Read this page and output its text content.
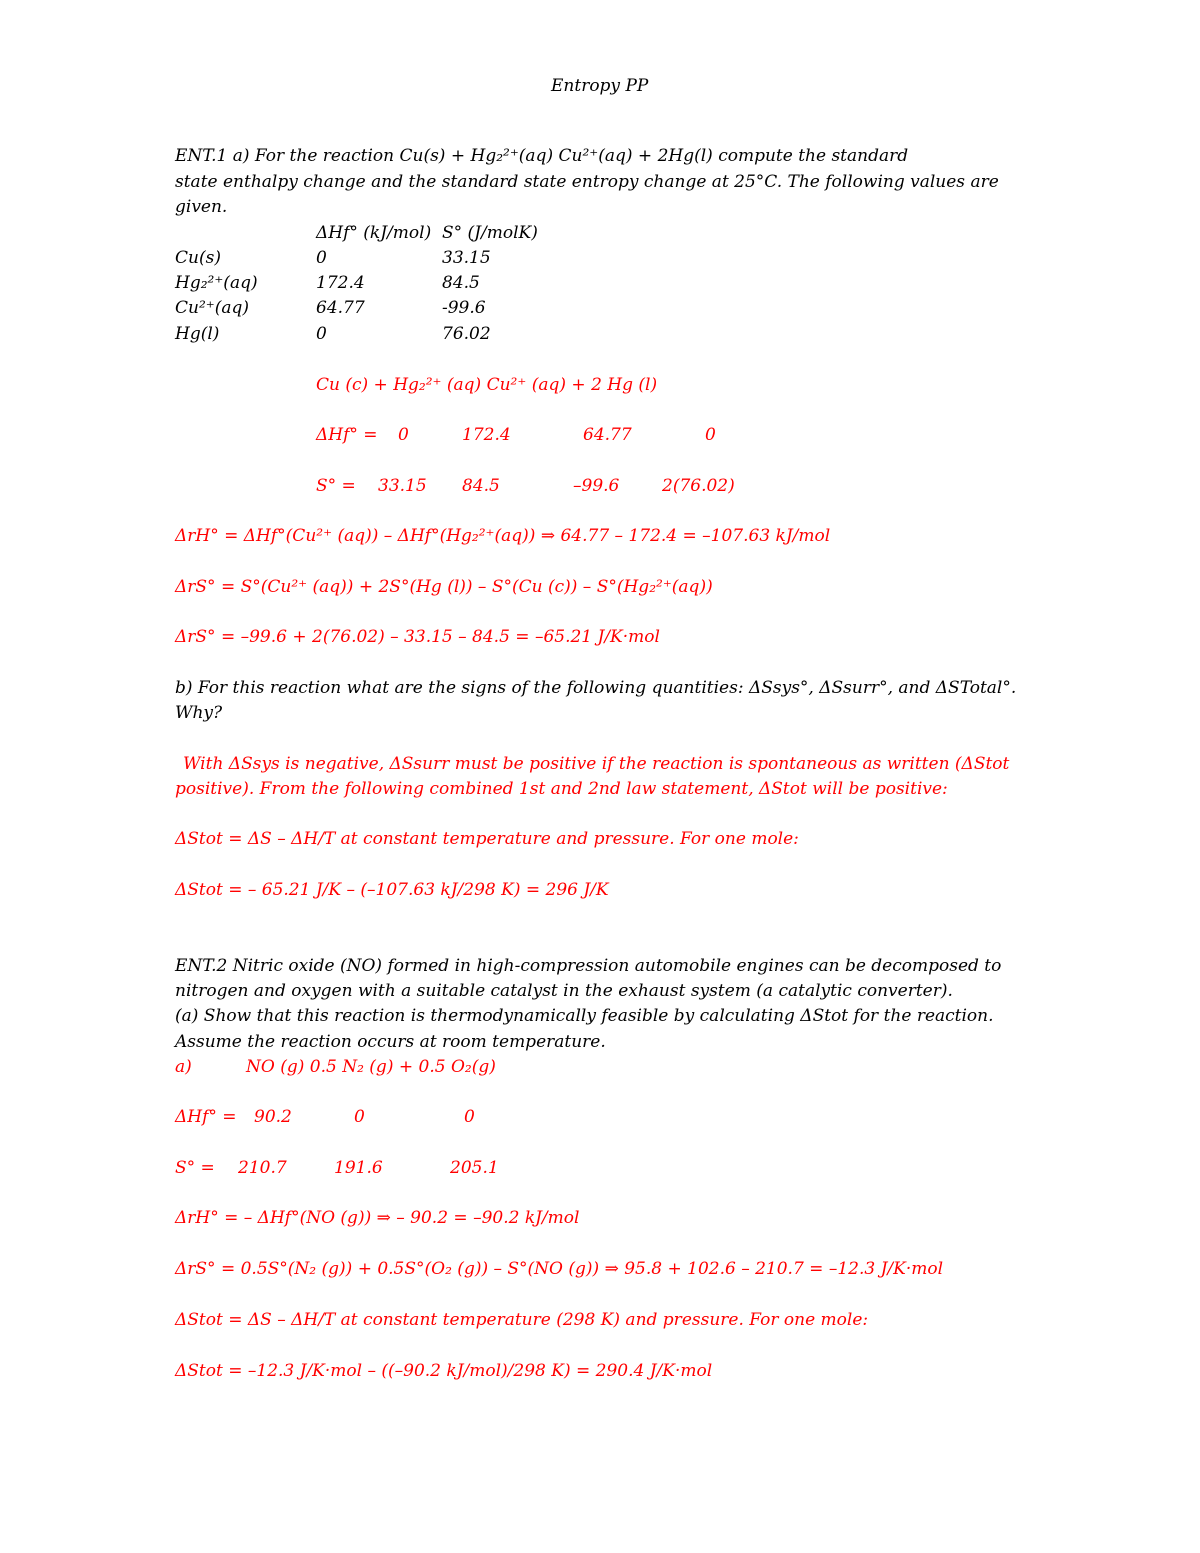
Entropy PP
ENT.1 a) For the reaction Cu(s) + Hg₂²⁺(aq) Cu²⁺(aq) + 2Hg(l) compute the standard
state enthalpy change and the standard state entropy change at 25°C. The following values are
given.
ΔHf° (kJ/mol) S° (J/molK)
Cu(s)	0	33.15
Hg₂²⁺(aq)	172.4	84.5
Cu²⁺(aq)	64.77	-99.6
Hg(l)	0	76.02
Cu (c) + Hg₂²⁺ (aq) Cu²⁺ (aq) + 2 Hg (l)
ΔHf° = 0	172.4	64.77	0
S° = 33.15 84.5	–99.6	2(76.02)
ΔrH° = ΔHf°(Cu²⁺ (aq)) – ΔHf°(Hg₂²⁺(aq)) ⇒ 64.77 – 172.4 = –107.63 kJ/mol
ΔrS° = S°(Cu²⁺ (aq)) + 2S°(Hg (l)) – S°(Cu (c)) – S°(Hg₂²⁺(aq))
ΔrS° = –99.6 + 2(76.02) – 33.15 – 84.5 = –65.21 J/K·mol
b) For this reaction what are the signs of the following quantities: ΔSsys°, ΔSsurr°, and ΔSTotal°.
Why?
With ΔSsys is negative, ΔSsurr must be positive if the reaction is spontaneous as written (ΔStot
positive). From the following combined 1st and 2nd law statement, ΔStot will be positive:
ΔStot = ΔS – ΔH/T at constant temperature and pressure. For one mole:
ΔStot = – 65.21 J/K – (–107.63 kJ/298 K) = 296 J/K
ENT.2 Nitric oxide (NO) formed in high-compression automobile engines can be decomposed to
nitrogen and oxygen with a suitable catalyst in the exhaust system (a catalytic converter).
(a) Show that this reaction is thermodynamically feasible by calculating ΔStot for the reaction.
Assume the reaction occurs at room temperature.
a)	NO (g) 0.5 N₂ (g) + 0.5 O₂(g)
ΔHf° = 90.2	0	0
S° = 210.7	191.6	205.1
ΔrH° = – ΔHf°(NO (g)) ⇒ – 90.2 = –90.2 kJ/mol
ΔrS° = 0.5S°(N₂ (g)) + 0.5S°(O₂ (g)) – S°(NO (g)) ⇒ 95.8 + 102.6 – 210.7 = –12.3 J/K·mol
ΔStot = ΔS – ΔH/T at constant temperature (298 K) and pressure. For one mole:
ΔStot = –12.3 J/K·mol – ((–90.2 kJ/mol)/298 K) = 290.4 J/K·mol
